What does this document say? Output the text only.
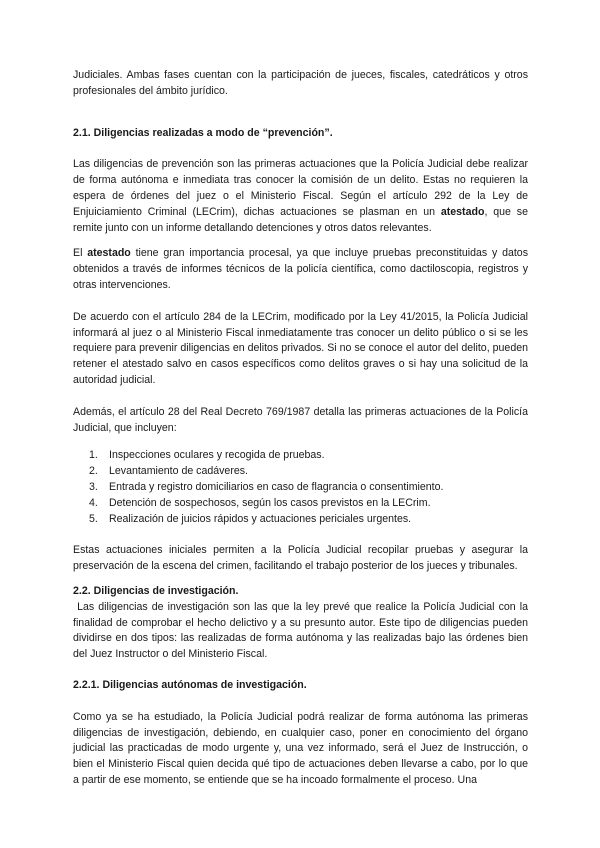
Judiciales. Ambas fases cuentan con la participación de jueces, fiscales, catedráticos y otros profesionales del ámbito jurídico.

2.1. Diligencias realizadas a modo de “prevención”.

Las diligencias de prevención son las primeras actuaciones que la Policía Judicial debe realizar de forma autónoma e inmediata tras conocer la comisión de un delito. Estas no requieren la espera de órdenes del juez o el Ministerio Fiscal. Según el artículo 292 de la Ley de Enjuiciamiento Criminal (LECrim), dichas actuaciones se plasman en un atestado, que se remite junto con un informe detallando detenciones y otros datos relevantes.

El atestado tiene gran importancia procesal, ya que incluye pruebas preconstituidas y datos obtenidos a través de informes técnicos de la policía científica, como dactiloscopia, registros y otras intervenciones.

De acuerdo con el artículo 284 de la LECrim, modificado por la Ley 41/2015, la Policía Judicial informará al juez o al Ministerio Fiscal inmediatamente tras conocer un delito público o si se les requiere para prevenir diligencias en delitos privados. Si no se conoce el autor del delito, pueden retener el atestado salvo en casos específicos como delitos graves o si hay una solicitud de la autoridad judicial.

Además, el artículo 28 del Real Decreto 769/1987 detalla las primeras actuaciones de la Policía Judicial, que incluyen:

1. Inspecciones oculares y recogida de pruebas.
2. Levantamiento de cadáveres.
3. Entrada y registro domiciliarios en caso de flagrancia o consentimiento.
4. Detención de sospechosos, según los casos previstos en la LECrim.
5. Realización de juicios rápidos y actuaciones periciales urgentes.

Estas actuaciones iniciales permiten a la Policía Judicial recopilar pruebas y asegurar la preservación de la escena del crimen, facilitando el trabajo posterior de los jueces y tribunales.

2.2. Diligencias de investigación.

Las diligencias de investigación son las que la ley prevé que realice la Policía Judicial con la finalidad de comprobar el hecho delictivo y a su presunto autor. Este tipo de diligencias pueden dividirse en dos tipos: las realizadas de forma autónoma y las realizadas bajo las órdenes bien del Juez Instructor o del Ministerio Fiscal.

2.2.1. Diligencias autónomas de investigación.

Como ya se ha estudiado, la Policía Judicial podrá realizar de forma autónoma las primeras diligencias de investigación, debiendo, en cualquier caso, poner en conocimiento del órgano judicial las practicadas de modo urgente y, una vez informado, será el Juez de Instrucción, o bien el Ministerio Fiscal quien decida qué tipo de actuaciones deben llevarse a cabo, por lo que a partir de ese momento, se entiende que se ha incoado formalmente el proceso. Una
